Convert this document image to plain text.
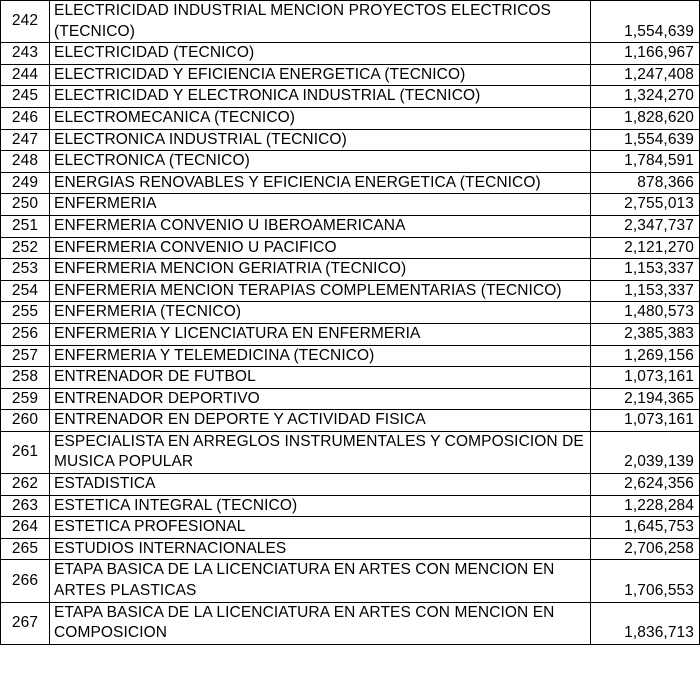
242	ELECTRICIDAD INDUSTRIAL MENCION PROYECTOS ELECTRICOS (TECNICO)	1,554,639
243	ELECTRICIDAD (TECNICO)	1,166,967
244	ELECTRICIDAD Y EFICIENCIA ENERGETICA (TECNICO)	1,247,408
245	ELECTRICIDAD Y ELECTRONICA INDUSTRIAL (TECNICO)	1,324,270
246	ELECTROMECANICA (TECNICO)	1,828,620
247	ELECTRONICA INDUSTRIAL (TECNICO)	1,554,639
248	ELECTRONICA (TECNICO)	1,784,591
249	ENERGIAS RENOVABLES Y EFICIENCIA ENERGETICA (TECNICO)	878,366
250	ENFERMERIA	2,755,013
251	ENFERMERIA CONVENIO U IBEROAMERICANA	2,347,737
252	ENFERMERIA CONVENIO U PACIFICO	2,121,270
253	ENFERMERIA MENCION GERIATRIA (TECNICO)	1,153,337
254	ENFERMERIA MENCION TERAPIAS COMPLEMENTARIAS (TECNICO)	1,153,337
255	ENFERMERIA (TECNICO)	1,480,573
256	ENFERMERIA Y LICENCIATURA EN ENFERMERIA	2,385,383
257	ENFERMERIA Y TELEMEDICINA (TECNICO)	1,269,156
258	ENTRENADOR DE FUTBOL	1,073,161
259	ENTRENADOR DEPORTIVO	2,194,365
260	ENTRENADOR EN DEPORTE Y ACTIVIDAD FISICA	1,073,161
261	ESPECIALISTA EN ARREGLOS INSTRUMENTALES Y COMPOSICION DE MUSICA POPULAR	2,039,139
262	ESTADISTICA	2,624,356
263	ESTETICA INTEGRAL (TECNICO)	1,228,284
264	ESTETICA PROFESIONAL	1,645,753
265	ESTUDIOS INTERNACIONALES	2,706,258
266	ETAPA BASICA DE LA LICENCIATURA EN ARTES CON MENCION EN ARTES PLASTICAS	1,706,553
267	ETAPA BASICA DE LA LICENCIATURA EN ARTES CON MENCION EN COMPOSICION	1,836,713
